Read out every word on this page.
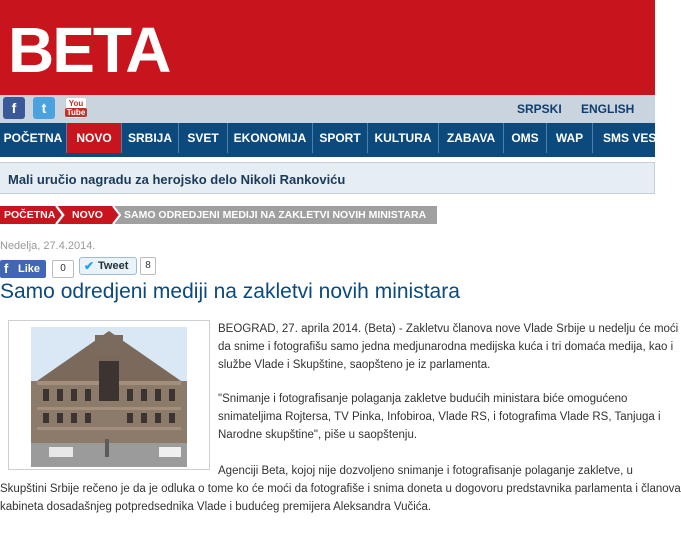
BETA
f	t	You
Tube	SRPSKI ENGLISH
POČETNA	NOVO	SRBIJA	SVET	EKONOMIJA	SPORT	KULTURA	ZABAVA	OMS	WAP	SMS VEST
Mali uručio nagradu za herojsko delo Nikoli Rankoviću
POČETNA NOVO SAMO ODREDJENI MEDIJI NA ZAKLETVI NOVIH MINISTARA
Nedelja, 27.4.2014.
f Like	0	✔ Tweet	8
Samo odredjeni mediji na zakletvi novih ministara
BEOGRAD, 27. aprila 2014. (Beta) - Zakletvu članova nove Vlade Srbije u nedelju će moći
da snime i fotografišu samo jedna medjunarodna medijska kuća i tri domaća medija, kao i
službe Vlade i Skupštine, saopšteno je iz parlamenta.
"Snimanje i fotografisanje polaganja zakletve budućih ministara biće omogućeno
snimateljima Rojtersa, TV Pinka, Infobiroa, Vlade RS, i fotografima Vlade RS, Tanjuga i
Narodne skupštine", piše u saopštenju.
Agenciji Beta, kojoj nije dozvoljeno snimanje i fotografisanje polaganje zakletve, u
Skupštini Srbije rečeno je da je odluka o tome ko će moći da fotografiše i snima doneta u dogovoru predstavnika parlamenta i članova
kabineta dosadašnjeg potpredsednika Vlade i budućeg premijera Aleksandra Vučića.
